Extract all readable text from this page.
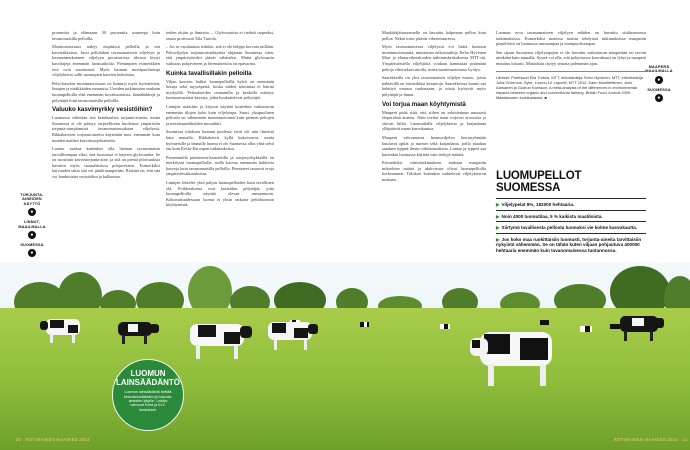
TORJUNTA-AINEIDEN KÄYTTÖ
●
LINNUT, MAAILMALLA
●
SUOMESSA
●

prosenttia ja elämaaan 30 prosenttia suurempi kuin tavanomaisilla pelloilla.

Monimuotoisuus näkyy etupäässä pelloilla ja sen kasvirakkaissa. Jussi pellolahan tavanomaiseen viljelyyn ja luonnonmukaiseen viljelyyn perustuvissa tiloissa löytyi kasvilajeja enemmän luomutiloilta. Pienimpien esimerkkien erot ovat suurimmat. Myös luomun monipuolisempi viljelykierto sallii useampien kasvien kukoistaa.

Pelto-kasvien monimuotoisuus on lisännyt myös hyönteisten, lintujen ja nisäkkäiden runsautta. Useiden tutkimusten mukaan luomupelloilla elää enemmän kovakuoriaisia, hämähäkkejä ja pölyttäjiä kuin tavanomaisilla pelloilla.

Valuuko kasvimyrkky vesistöihin?

Luomussa vältetään sitä kemikaaliea torjunta-ainetta, mutta Suomessa ei ole pääsyy tarpeellisena huolestua ympäristön torjunta-ainejäämistä tavanomaisessakaan viljelyssä. Rikkakasvien torjunta-aineita käytetään mm. enemmän kuin muiden maiden kasvinsuojeluaineita.

Luomu saattaa kuitenkin olla hieman tavanomaista turvallisempaa siksi, että luomussa ei käytetä glyfosaattia. Se on suosituin kasvintorjunta-aine, ja sitä on pieniä pitoisuuksia havaittu myös suomalaisissa pohjavesissä. Esimerkiksi kuivuuden takia sitä voi jäädä maaperään. Riskinä on, että sitä voi huuhtoutua vesistöihin ja kulkeutua.

teiden ohjiin ja ihmisiin. – Glyfosaatista ei tiedetä tarpeeksi, sanoo professori Eila Turtola.

– Jos se osoittautuu riskiksi, sitä ei ole helppo korvata millään. Peltoviljelyn torjunta-ainekäyttöä ohjataan Suomessa siten, että ympäristöriskit jäävät vähäisiksi. Mutta glyfosaatin vaikutus pohjaveteen ja hivenaineisiin on epävarma.

Kuinka tavallisillakin pelloilla

Viljan kasvien lisäksi luomupelloilla kylvö on enemmän lintuja sekä myyräpesiä, koska niiden toimintaa ei häiritä myrkyillä. Peltoalueiden reunamilla ja keskellä esiintyy luonnonvaraisia kasveja, jotka houkuttelevat pölyttäjiä.

Lintujen määrään ja kirjoon näyttää kuitenkin vaikuttavan enemmän tilojen koko kuin viljelytapa. Suuri, yksipuolinen peltoala on vähemmän monimuotoinen kuin pienten peltojen ja metsäsaarekkeiden mosaiikki.

Suomessa tuloksen luomun puolesta eivät ole niin ilmeisiä kuin muualla. Rikkakasvit kyllä kukoistavat, mutta hyönteisille ja linnuille luomu ei ole Suomessa ollut yhtä selvä etu kuin Keski-Euroopan tutkimuksissa.

Pienemmillä pientareen-kaistaleilla ja suojavyöhykkeillä on merkitystä luomupelloilla, siellä kasvaa enemmän kukkivia kasveja kuin tavanomaisilla pelloilla. Pientareet tasaavat eroja ympäristövaikutuksissa.

Lintujen lentelee yhtä paljon luomupelloiden kuin tavallisten ylä. Poikkeuksena ovat kuitenkin pölyttäjät, joita luomupelloilla näyttää olevan runsaammin. Kokonaisuudessaan luomu ei yksin ratkaise peltoluonnon köyhtymistä.

Maakiitäjäisuurustelle on havaittu kalpearan pellon kuin pelloa. Nekin tosin pitävät vihertesuuressa.

Myös tavanomaisessa viljelyssä voi lisätä luonnon monimuotoisuutta, muistuttaa erikoistutkija Terho Hyvönen Maa- ja elintarviketalouden tutkimuskeskuksesta MTT:stä. Ympäristötuella viljelijöitä voidaan kannustaa pitämään peltoja vihertekasvustolla, mistä monimuotoisuus hyötyy.

Saarekkeilla on yksi tavanomaisen viljelyn muoto, joista nähtävillä on esimerkiksi kesantoja. Saarekkeissa luonto saa kehittyä omassa rauhassaan, ja niistä hyötyvät myös pölyttäjät ja linnut.

Voi torjua maan köyhtymistä

Maaperä pitää siitä, että siihen on sekoitettuun runsaasti eloperäistä ainesta. Näin ravitut maat torjuvat eroosiota ja sitovat hiiltä. Luomutilalla viljelykierto ja karjanlanta ylläpitävät maan kasvukuntoa.

Maaperä valvonnassa luomuviljelyn kiertoryhmään kuuluvat apilat ja nurmet sekä karjanlanta, joilla maahan saadaan typpeä ilman väkilannoitteita. Lantaa ja typpeä saa kuitenkin luomussa käyttää vain tiettyjä määriä.

Esimerkiksi väitöstutkimuksen mukaan maaperän mikrobien määrä ja aktiivisuus olivat luomupelloilla korkeammat. Tulokset kuitenkin vaihtelevat viljelykierron mukaan.

Luomun eroa tavanomaiseen viljelyyn nähden on havaittu sisäluonnossa tutkimuksissa. Esimerkiksi monissa maissa tehdyissä tutkimuksissa maaperän pieneliöstö on luomussa runsaampaa ja monipuolisempaa.

Sen sijaan Suomessa viljelytapojen ei ole havaittu vaikuttavan maaperään eri tavoin niinkään kuin muualla. Syynä voi olla, että pohjoisessa kasvukausi on lyhyt ja maaperä muuttuu hitaasti. Muutoksia täytyy seurata pidemmän ajan.

Lähteet: Professori Eila Turtola, MTT, erikoistutkija Terho Hyvönen, MTT, erikoistutkija Juha Grönroos, Syke, Luomu 10 -raportti, MTT 2012. Kaen Monitieteinen, Juris Aarsanen ja Gudrun Karlsson, A meta-analysis of the differences in environmental impacts between organic and conventional farming. British Food Journal 2009. Maatalouden luokitustaulut. ■
MAAPERÄ MAAILMALLA
●
SUOMESSA
●
LUOMUPELLOT SUOMESSA
▶ Viljelypelat 8%, 182000 hehtaaria.
▶ Noin 4000 luomutilaa, 5 % kaikista maatiloista.
▶ Siirtymä tavallisesta pellosta luomuksi vie kolme kasvukautta.
▶ Jos koko maa ruokittaisiin luomusti, torjunta-aineita tarvittaisiin nykyistä vähemmän. Se on tähän kuten viljaan pohjautuva 400000 hehtaaria enemmän kuin tavanomaisessa tuotannossa.
LUOMUN LAINSÄÄDÄNTÖ
Luomun lainsäädäntö kieltää keinolannoitteiden ja torjunta-aineiden käytön. Lakeja valvovat Evira ja ELY-keskukset.
20 · KOTIMAINEN MAAMIES 2014	KOTIMAINEN MAAMIES 2014 · 21
